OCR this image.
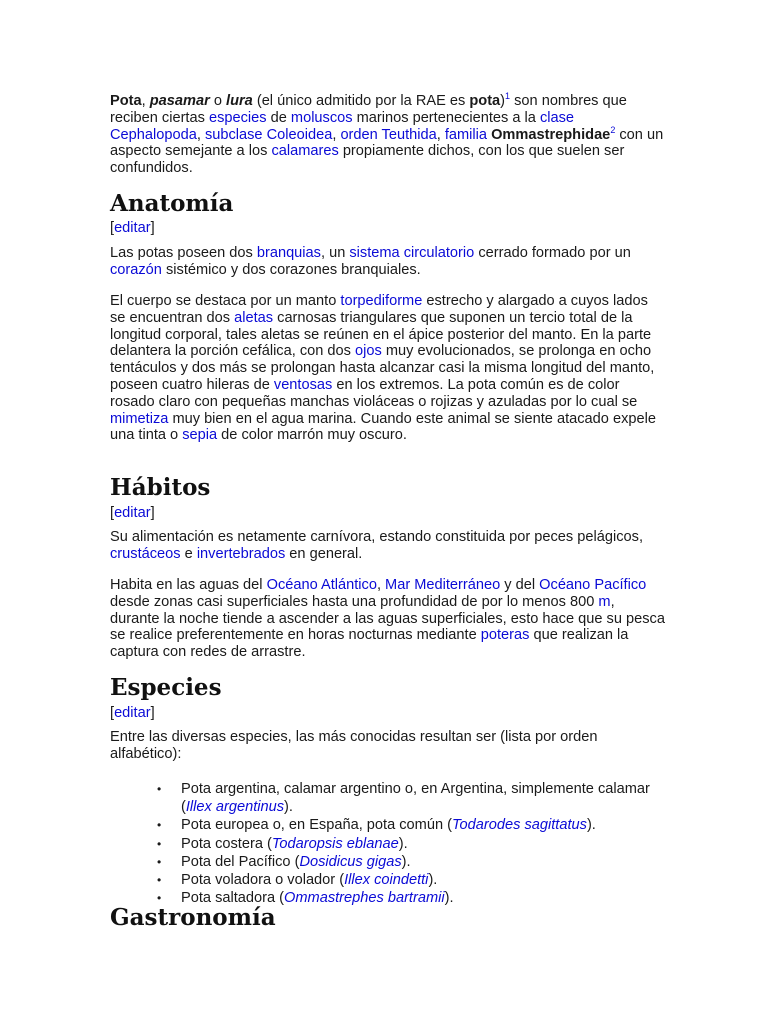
Pota, pasamar o lura (el único admitido por la RAE es pota)$^1$ son nombres que reciben ciertas especies de moluscos marinos pertenecientes a la clase Cephalopoda, subclase Coleoidea, orden Teuthida, familia Ommastrephidae$^2$ con un aspecto semejante a los calamares propiamente dichos, con los que suelen ser confundidos.

Anatomía

[editar]

Las potas poseen dos branquias, un sistema circulatorio cerrado formado por un corazón sistémico y dos corazones branquiales.

El cuerpo se destaca por un manto torpediforme estrecho y alargado a cuyos lados se encuentran dos aletas carnosas triangulares que suponen un tercio total de la longitud corporal, tales aletas se reúnen en el ápice posterior del manto. En la parte delantera la porción cefálica, con dos ojos muy evolucionados, se prolonga en ocho tentáculos y dos más se prolongan hasta alcanzar casi la misma longitud del manto, poseen cuatro hileras de ventosas en los extremos. La pota común es de color rosado claro con pequeñas manchas violáceas o rojizas y azuladas por lo cual se mimetiza muy bien en el agua marina. Cuando este animal se siente atacado expele una tinta o sepia de color marrón muy oscuro.

Hábitos

[editar]

Su alimentación es netamente carnívora, estando constituida por peces pelágicos, crustáceos e invertebrados en general.

Habita en las aguas del Océano Atlántico, Mar Mediterráneo y del Océano Pacífico desde zonas casi superficiales hasta una profundidad de por lo menos 800 m, durante la noche tiende a ascender a las aguas superficiales, esto hace que su pesca se realice preferentemente en horas nocturnas mediante poteras que realizan la captura con redes de arrastre.

Especies

[editar]

Entre las diversas especies, las más conocidas resultan ser (lista por orden alfabético):

• Pota argentina, calamar argentino o, en Argentina, simplemente calamar (Illex argentinus).
• Pota europea o, en España, pota común (Todarodes sagittatus).
• Pota costera (Todaropsis eblanae).
• Pota del Pacífico (Dosidicus gigas).
• Pota voladora o volador (Illex coindetti).
• Pota saltadora (Ommastrephes bartramii).
Gastronomía
